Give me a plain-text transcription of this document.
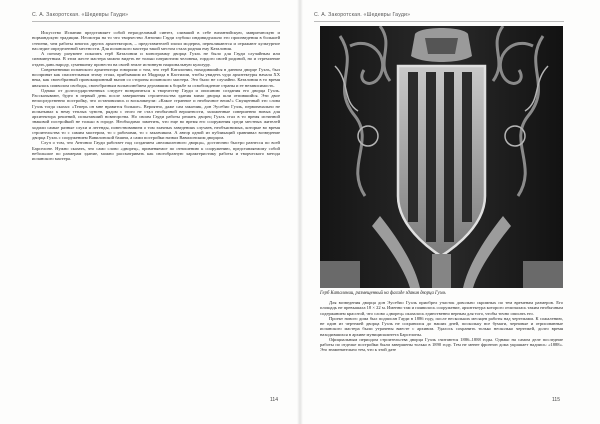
С. А. Закоротская. «Шедевры Гауди»

Искусство Испании представляет собой нерасделимый синтез, сливший в себе византийскую, мавританскую и нормандскую традиции. Несмотря на то что творчество Антонио Гауди глубоко индивидуально его произведения в большей степени, чем работы многих других архитекторов, – представителей эпохи модерна, перекликаются и отражают культурное наследие определенной местности. Для испанского мастера такой местом стала родная ему Каталония.

А потому разумнее показать герб Каталонии и монограмму дворца Гуэль не было для Гауди случайным или сиюминутным. В этом жесте мастера можно видеть не только патриотизм человека, гордого своей родиной, но и стремление отдать дань народу, сумевшему пронести на своей земле истинную национальную культуру.

Современники испанского архитектора говорили о том, что герб Каталонии, находившийся в данном дворце Гуэль, был воспринят как спасительным этому стоял, прибывшим из Мадрида в Кастилии, чтобы увидеть чудо архитектуры начала ХХ века, как своеобразный провокационный вызов со стороны испанского мастера. Это было не случайно. Каталония в то время являлась символом свободы, своеобразным вольнолюбием дерзавшим к борьбе за освобождение страны и ее независимость.

Однако от долгосударственных следует возвратиться к творчеству Гауди и описанию создания его дворца Гуэль. Рассказывают, будто в первый день после завершения строительства здания мимо дворца шли отпившийся. Эти двое непосредственно постройку, что остановились и воскликнули: «Какое странное и необычное вешь!» Смущенный это слова Гуэль тогда сказал: «Теперь он мне нравится больше». Вероятно, даже сам заказчик, дон Эусебио Гуэль, первоначально не испытывал к нему теплых чувств, рядом с этого не стал необычной вероятности, заложенные совершенно новых для архитектора решений, испытавший новаторства. Но своим Гауди работы решать дворец Гуэль стал в то время истинной знаковой постройкой не только в городе. Необходимо заметить, что еще во время его сооружения среди местных жителей ходили самые разные слухи и легенды, повествованием о том злачных заведениях случаев, необъяснимых, которые во время строительства то с самим мастером, то с рабочими, то с заказчиком. А автор одной из публикаций сравнивал возведение дворца Гуэль с сооружением Вавилонской башни, а сами постройки назвал Вавилонским дворцом.

Случ о том, что Антонио Гауди работает над созданием «великолепного дворца», достаточно быстро разнесся по всей Барселоне. Нужно сказать, что само слово «дворец», применяемое по отношению к сооружению, представляемому собой небольшое по размерам здание, можно рассматривать как своеобразную характеристику работы и творческого метода испанского мастера.

114
С. А. Закоротская. «Шедевры Гауди»
Герб Каталонии, размещенный на фасаде здания дворца Гуэль

Для возведения дворца дон Эусебио Гуэль приобрел участок довольно скромных по тем временам размеров. Его площадь не превышала 18 × 22 м. Именно там и появилось сооружение, архитектура которого отличалась таким необычным содержанием красотой, что слово «дворец» оказалось единственно верным для того, чтобы точно описать его.

Проект нового дома был подписан Гауди в 1886 году, после нескольких месяцев работы над чертежами. К сожалению, не один из чертежей дворца Гуэль не сохранился до наших дней, поскольку все бумаги, черновые и отрисованные испанского мастера были утрачены вместе с архивом. Удалось сохранить только несколько чертежей, долго время находившихся в архиве муниципалитета Барселоны.

Официальным периодом строительства дворца Гуэль считаются 1886–1888 годы. Однако на самом деле последние работы по отделке постройки были завершены только в 1890 году. Тем не менее фронтон дома украшает надпись: «1888». Это знаменательно тем, что к этой дате

115
